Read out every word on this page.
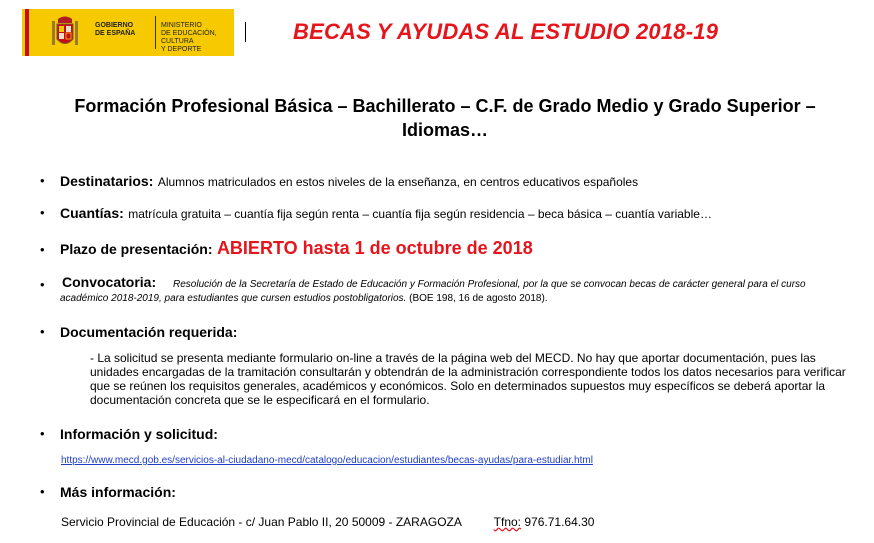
GOBIERNO
DE ESPAÑA
MINISTERIO
DE EDUCACIÓN, CULTURA
Y DEPORTE
BECAS Y AYUDAS AL ESTUDIO 2018-19
Formación Profesional Básica – Bachillerato – C.F. de Grado Medio y Grado Superior – Idiomas…
• Destinatarios: Alumnos matriculados en estos niveles de la enseñanza, en centros educativos españoles
• Cuantías: matrícula gratuita – cuantía fija según renta – cuantía fija según residencia – beca básica – cuantía variable…
• Plazo de presentación: ABIERTO hasta 1 de octubre de 2018
• Convocatoria:	Resolución de la Secretaría de Estado de Educación y Formación Profesional, por la que se convocan becas de carácter general para el curso académico 2018-2019, para estudiantes que cursen estudios postobligatorios. (BOE 198, 16 de agosto 2018).
• Documentación requerida:
- La solicitud se presenta mediante formulario on-line a través de la página web del MECD. No hay que aportar documentación, pues las unidades encargadas de la tramitación consultarán y obtendrán de la administración correspondiente todos los datos necesarios para verificar que se reúnen los requisitos generales, académicos y económicos. Solo en determinados supuestos muy específicos se deberá aportar la documentación concreta que se le especificará en el formulario.
• Información y solicitud:
https://www.mecd.gob.es/servicios-al-ciudadano-mecd/catalogo/educacion/estudiantes/becas-ayudas/para-estudiar.html
• Más información:
Servicio Provincial de Educación - c/ Juan Pablo II, 20 50009 - ZARAGOZA	Tfno: 976.71.64.30
